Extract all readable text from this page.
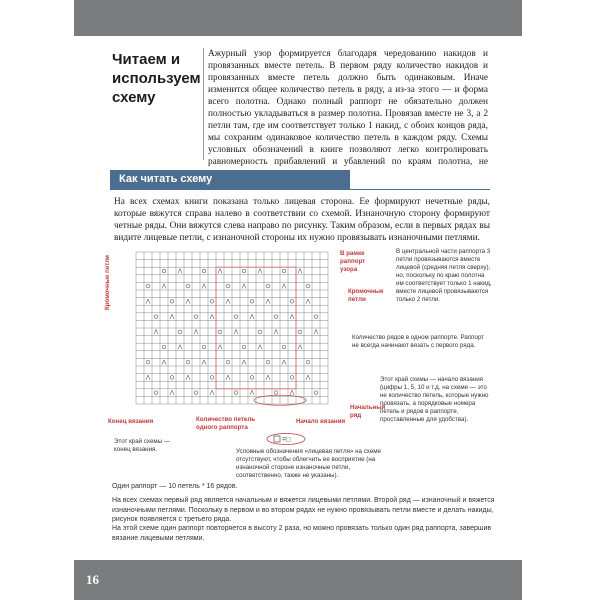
Читаем и используем схему
Ажурный узор формируется благодаря чередованию накидов и провязанных вместе петель. В первом ряду количество накидов и провязанных вместе петель должно быть одинаковым. Иначе изменится общее количество петель в ряду, а из-за этого — и форма всего полотна. Однако полный раппорт не обязательно должен полностью укладываться в размер полотна. Провязав вместе не 3, а 2 петли там, где им соответствует только 1 накид, с обоих концов ряда, мы сохраним одинаковое количество петель в каждом ряду. Схемы условных обозначений в книге позволяют легко контролировать равномерность прибавлений и убавлений по краям полотна, не
Как читать схему
На всех схемах книги показана только лицевая сторона. Ее формируют нечетные ряды, которые вяжутся справа налево в соответствии со схемой. Изнаночную сторону формируют четные ряды. Они вяжутся слева направо по рисунку. Таким образом, если в первых рядах вы видите лицевые петли, с изнаночной стороны их нужно провязывать изнаночными петлями.
Кромочные петли
В рамке раппорт узора
Кромочные петли
В центральной части раппорта 3 петли провязываются вместе лицевой (средняя петля сверху), но, поскольку по краю полотна им соответствует только 1 накид, вместе лицевой провязываются только 2 петли.
Количество рядов в одном раппорте. Раппорт не всегда начинают вязать с первого ряда.
Этот край схемы — начало вязания (цифры 1, 5, 10 и т.д. на схеме — это не количество петель, которые нужно провязать, а порядковые номера петель и рядов в раппорте, проставленные для удобства).
Конец вязания	Количество петель одного раппорта
Начало вязания
Начальный ряд
Этот край схемы — конец вязания.
=□
Условные обозначения «лицевая петля» на схеме отсутствуют, чтобы облегчить ее восприятие (на изнаночной стороне изнаночные петли, соответственно, также не указаны).
Один раппорт — 10 петель * 16 рядов.
На всех схемах первый ряд является начальным и вяжется лицевыми петлями. Второй ряд — изнаночный и вяжется изнаночными петлями. Поскольку в первом и во втором рядах не нужно провязывать петли вместе и делать накиды, рисунок появляется с третьего ряда.
На этой схеме один раппорт повторяется в высоту 2 раза, но можно провязать только один ряд раппорта, завершив вязание лицевыми петлями.
16
